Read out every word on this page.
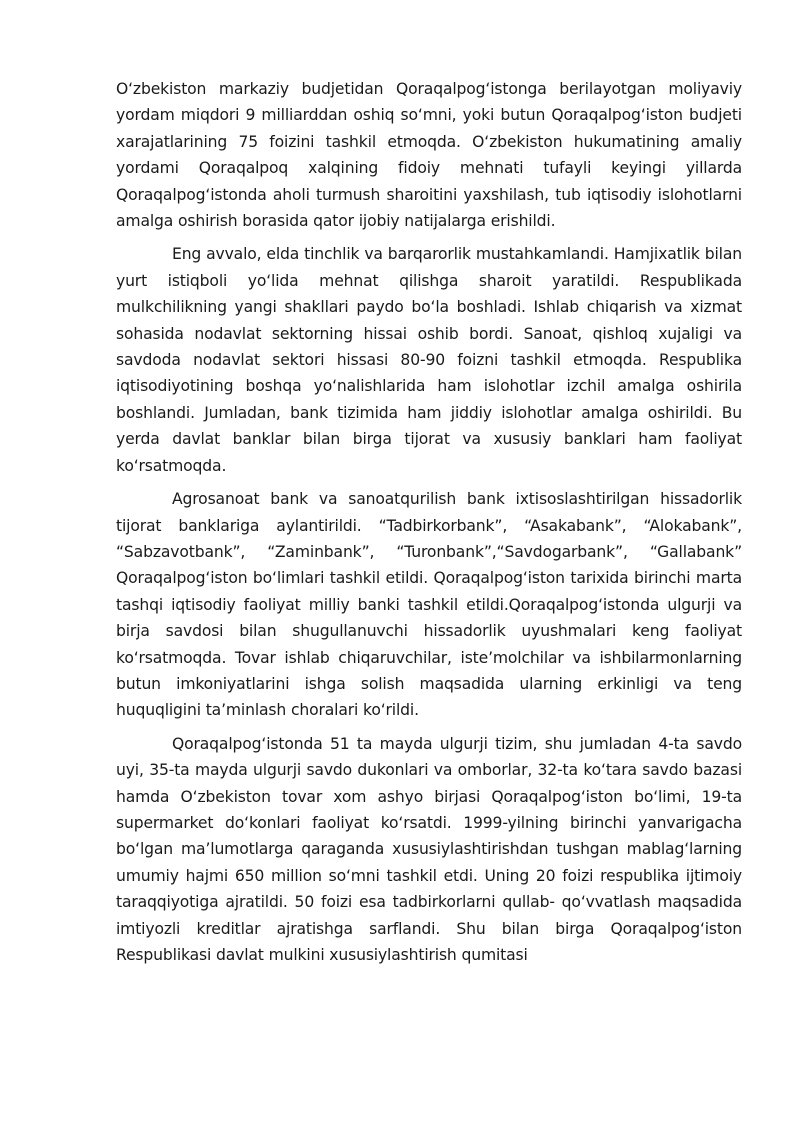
O‘zbekiston markaziy budjetidan Qoraqalpog‘istonga berilayotgan moliyaviy yordam miqdori 9 milliarddan oshiq so‘mni, yoki butun Qoraqalpog‘iston budjeti xarajatlarining 75 foizini tashkil etmoqda. O‘zbekiston hukumatining amaliy yordami Qoraqalpoq xalqining fidoiy mehnati tufayli keyingi yillarda Qoraqalpog‘istonda aholi turmush sharoitini yaxshilash, tub iqtisodiy islohotlarni amalga oshirish borasida qator ijobiy natijalarga erishildi.

Eng avvalo, elda tinchlik va barqarorlik mustahkamlandi. Hamjixatlik bilan yurt istiqboli yo‘lida mehnat qilishga sharoit yaratildi. Respublikada mulkchilikning yangi shakllari paydo bo‘la boshladi. Ishlab chiqarish va xizmat sohasida nodavlat sektorning hissai oshib bordi. Sanoat, qishloq xujaligi va savdoda nodavlat sektori hissasi 80-90 foizni tashkil etmoqda. Respublika iqtisodiyotining boshqa yo‘nalishlarida ham islohotlar izchil amalga oshirila boshlandi. Jumladan, bank tizimida ham jiddiy islohotlar amalga oshirildi. Bu yerda davlat banklar bilan birga tijorat va xususiy banklari ham faoliyat ko‘rsatmoqda.

Agrosanoat bank va sanoatqurilish bank ixtisoslashtirilgan hissadorlik tijorat banklariga aylantirildi. “Tadbirkorbank”, “Asakabank”, “Alokabank”, “Sabzavotbank”, “Zaminbank”, “Turonbank”,“Savdogarbank”, “Gallabank” Qoraqalpog‘iston bo‘limlari tashkil etildi. Qoraqalpog‘iston tarixida birinchi marta tashqi iqtisodiy faoliyat milliy banki tashkil etildi.Qoraqalpog‘istonda ulgurji va birja savdosi bilan shugullanuvchi hissadorlik uyushmalari keng faoliyat ko‘rsatmoqda. Tovar ishlab chiqaruvchilar, iste’molchilar va ishbilarmonlarning butun imkoniyatlarini ishga solish maqsadida ularning erkinligi va teng huquqligini ta’minlash choralari ko‘rildi.

Qoraqalpog‘istonda 51 ta mayda ulgurji tizim, shu jumladan 4-ta savdo uyi, 35-ta mayda ulgurji savdo dukonlari va omborlar, 32-ta ko‘tara savdo bazasi hamda O‘zbekiston tovar xom ashyo birjasi Qoraqalpog‘iston bo‘limi, 19-ta supermarket do‘konlari faoliyat ko‘rsatdi. 1999-yilning birinchi yanvarigacha bo‘lgan ma’lumotlarga qaraganda xususiylashtirishdan tushgan mablag‘larning umumiy hajmi 650 million so‘mni tashkil etdi. Uning 20 foizi respublika ijtimoiy taraqqiyotiga ajratildi. 50 foizi esa tadbirkorlarni qullab- qo‘vvatlash maqsadida imtiyozli kreditlar ajratishga sarflandi. Shu bilan birga Qoraqalpog‘iston Respublikasi davlat mulkini xususiylashtirish qumitasi
